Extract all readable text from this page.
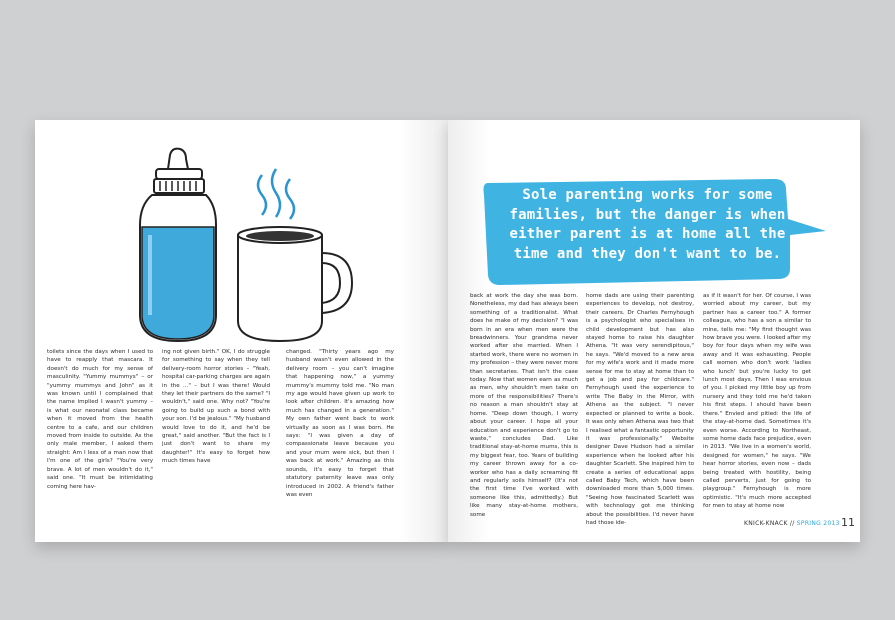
Sole parenting works for some families, but the danger is when either parent is at home all the time and they don't want to be.

toilets since the days when I used to have to reapply that mascara. It doesn't do much for my sense of masculinity. "Yummy mummys" – or "yummy mummys and John" as it was known until I complained that the name implied I wasn't yummy – is what our neonatal class became when it moved from the health centre to a cafe, and our children moved from inside to outside. As the only male member, I asked them straight: Am I less of a man now that I'm one of the girls? "You're very brave. A lot of men wouldn't do it," said one. "It must be intimidating coming here hav-

ing not given birth." OK, I do struggle for something to say when they tell delivery-room horror stories – "Yeah, hospital car-parking charges are again in the ..." – but I was there! Would they let their partners do the same? "I wouldn't," said one. Why not? "You're going to build up such a bond with your son. I'd be jealous." "My husband would love to do it, and he'd be great," said another. "But the fact is I just don't want to share my daughter!" It's easy to forget how much times have

changed. "Thirty years ago my husband wasn't even allowed in the delivery room – you can't imagine that happening now," a yummy mummy's mummy told me. "No man my age would have given up work to look after children. It's amazing how much has changed in a generation." My own father went back to work virtually as soon as I was born. He says: "I was given a day of compassionate leave because you and your mum were sick, but then I was back at work." Amazing as this sounds, it's easy to forget that statutory paternity leave was only introduced in 2002. A friend's father was even

back at work the day she was born. Nonetheless, my dad has always been something of a traditionalist. What does he make of my decision? "I was born in an era when men were the breadwinners. Your grandma never worked after she married. When I started work, there were no women in my profession – they were never more than secretaries. That isn't the case today. Now that women earn as much as men, why shouldn't men take on more of the responsibilities? There's no reason a man shouldn't stay at home. "Deep down though, I worry about your career. I hope all your education and experience don't go to waste," concludes Dad. Like traditional stay-at-home mums, this is my biggest fear, too. Years of building my career thrown away for a co-worker who has a daily screaming fit and regularly soils himself? (It's not the first time I've worked with someone like this, admittedly.) But like many stay-at-home mothers, some

home dads are using their parenting experiences to develop, not destroy, their careers. Dr Charles Fernyhough is a psychologist who specialises in child development but has also stayed home to raise his daughter Athena. "It was very serendipitous," he says. "We'd moved to a new area for my wife's work and it made more sense for me to stay at home than to get a job and pay for childcare." Fernyhough used the experience to write The Baby in the Mirror, with Athena as the subject. "I never expected or planned to write a book. It was only when Athena was two that I realised what a fantastic opportunity it was professionally." Website designer Dave Hudson had a similar experience when he looked after his daughter Scarlett. She inspired him to create a series of educational apps called Baby Tech, which have been downloaded more than 5,000 times. "Seeing how fascinated Scarlett was with technology got me thinking about the possibilities. I'd never have had those ide-

as if it wasn't for her. Of course, I was worried about my career, but my partner has a career too." A former colleague, who has a son a similar to mine, tells me: "My first thought was how brave you were. I looked after my boy for four days when my wife was away and it was exhausting. People call women who don't work 'ladies who lunch' but you're lucky to get lunch most days. Then I was envious of you. I picked my little boy up from nursery and they told me he'd taken his first steps. I should have been there." Envied and pitied: the life of the stay-at-home dad. Sometimes it's even worse. According to Northeast, some home dads face prejudice, even in 2013. "We live in a women's world, designed for women," he says. "We hear horror stories, even now – dads being treated with hostility, being called perverts, just for going to playgroup." Fernyhough is more optimistic. "It's much more accepted for men to stay at home now

KNICK-KNACK // SPRING 2013 11
